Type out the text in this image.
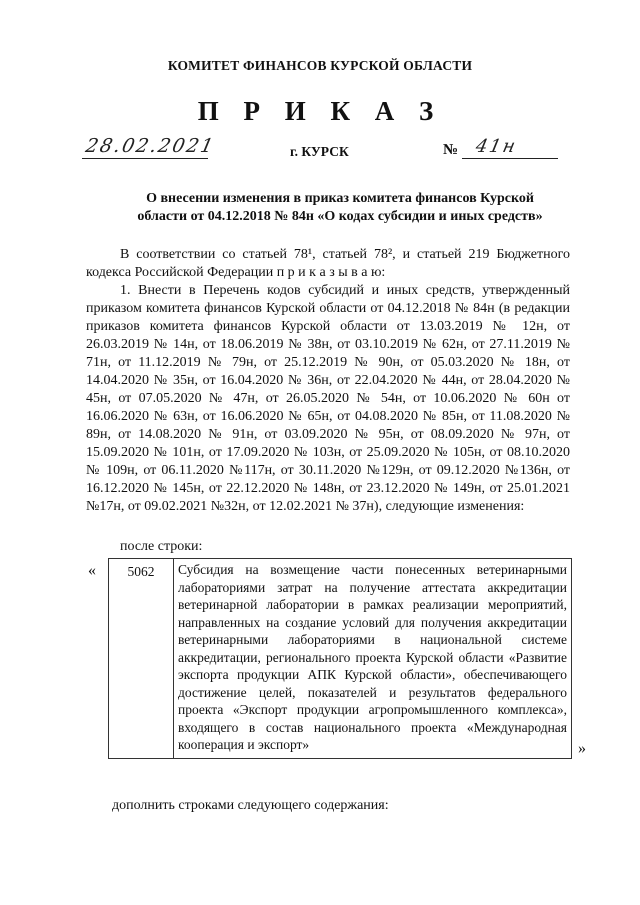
КОМИТЕТ ФИНАНСОВ КУРСКОЙ ОБЛАСТИ
П Р И К А З
28.02.2021	г. КУРСК	№ 41н
О внесении изменения в приказ комитета финансов Курской
области от 04.12.2018 № 84н «О кодах субсидии и иных средств»

В соответствии со статьей 78¹, статьей 78², и статьей 219 Бюджетного кодекса Российской Федерации п р и к а з ы в а ю:

1. Внести в Перечень кодов субсидий и иных средств, утвержденный приказом комитета финансов Курской области от 04.12.2018 № 84н (в редакции приказов комитета финансов Курской области от 13.03.2019 № 12н, от 26.03.2019 № 14н, от 18.06.2019 № 38н, от 03.10.2019 № 62н, от 27.11.2019 № 71н, от 11.12.2019 № 79н, от 25.12.2019 № 90н, от 05.03.2020 № 18н, от 14.04.2020 № 35н, от 16.04.2020 № 36н, от 22.04.2020 № 44н, от 28.04.2020 № 45н, от 07.05.2020 № 47н, от 26.05.2020 № 54н, от 10.06.2020 № 60н от 16.06.2020 № 63н, от 16.06.2020 № 65н, от 04.08.2020 № 85н, от 11.08.2020 № 89н, от 14.08.2020 № 91н, от 03.09.2020 № 95н, от 08.09.2020 № 97н, от 15.09.2020 № 101н, от 17.09.2020 № 103н, от 25.09.2020 № 105н, от 08.10.2020 № 109н, от 06.11.2020 №117н, от 30.11.2020 №129н, от 09.12.2020 №136н, от 16.12.2020 № 145н, от 22.12.2020 № 148н, от 23.12.2020 № 149н, от 25.01.2021 №17н, от 09.02.2021 №32н, от 12.02.2021 № 37н), следующие изменения:

после строки:
« 5062	Субсидия на возмещение части понесенных ветеринарными лабораториями затрат на получение аттестата аккредитации ветеринарной лаборатории в рамках реализации мероприятий, направленных на создание условий для получения аккредитации ветеринарными лабораториями в национальной системе аккредитации, регионального проекта Курской области «Развитие экспорта продукции АПК Курской области», обеспечивающего достижение целей, показателей и результатов федерального проекта «Экспорт продукции агропромышленного комплекса», входящего в состав национального проекта «Международная кооперация и экспорт»	»
дополнить строками следующего содержания:
